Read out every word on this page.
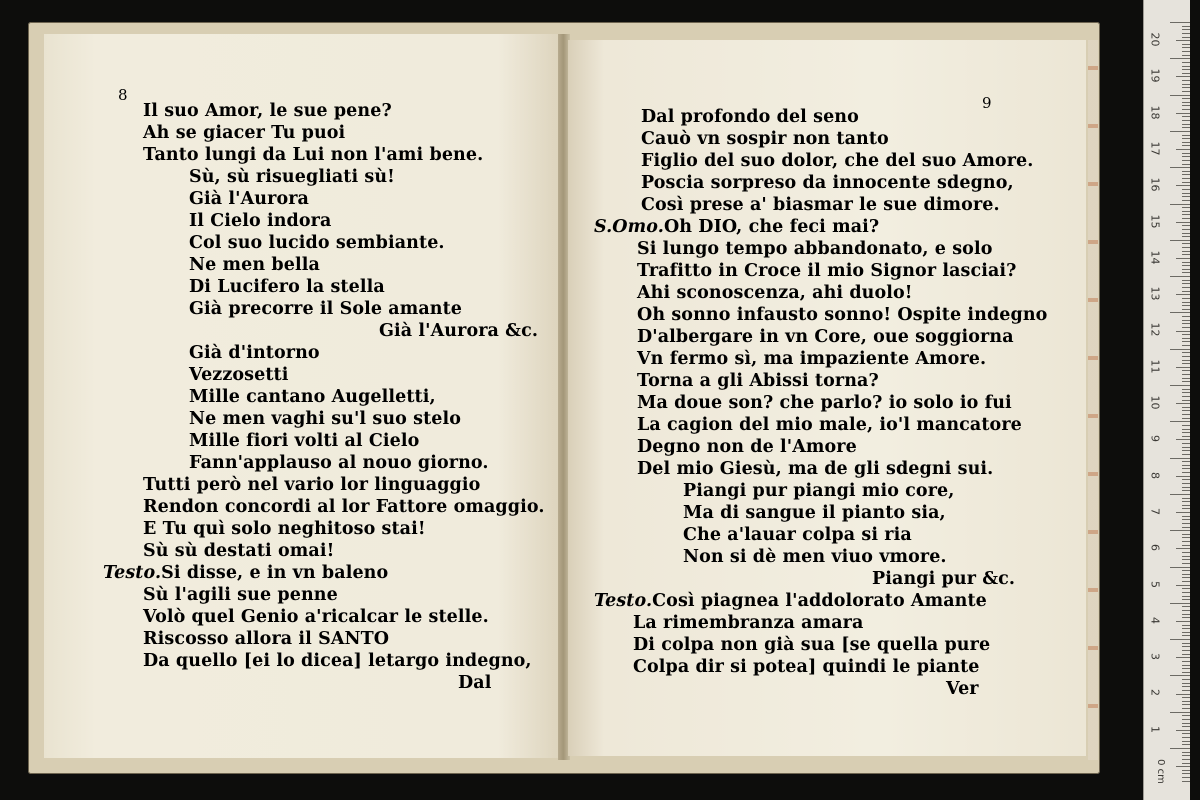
8
Il suo Amor, le sue pene?
Ah se giacer Tu puoi
Tanto lungi da Lui non l'ami bene.
Sù, sù risuegliati sù!
Già l'Aurora
Il Cielo indora
Col suo lucido sembiante.
Ne men bella
Di Lucifero la stella
Già precorre il Sole amante
Già l'Aurora &c.
Già d'intorno
Vezzosetti
Mille cantano Augelletti,
Ne men vaghi su'l suo stelo
Mille fiori volti al Cielo
Fann'applauso al nouo giorno.
Tutti però nel vario lor linguaggio
Rendon concordi al lor Fattore omaggio.
E Tu quì solo neghitoso stai!
Sù sù destati omai!
Testo.Si disse, e in vn baleno
Sù l'agili sue penne
Volò quel Genio a'ricalcar le stelle.
Riscosso allora il SANTO
Da quello [ei lo dicea] letargo indegno,
Dal
9
Dal profondo del seno
Cauò vn sospir non tanto
Figlio del suo dolor, che del suo Amore.
Poscia sorpreso da innocente sdegno,
Così prese a' biasmar le sue dimore.
S.Omo.Oh DIO, che feci mai?
Si lungo tempo abbandonato, e solo
Trafitto in Croce il mio Signor lasciai?
Ahi sconoscenza, ahi duolo!
Oh sonno infausto sonno! Ospite indegno
D'albergare in vn Core, oue soggiorna
Vn fermo sì, ma impaziente Amore.
Torna a gli Abissi torna?
Ma doue son? che parlo? io solo io fui
La cagion del mio male, io'l mancatore
Degno non de l'Amore
Del mio Giesù, ma de gli sdegni sui.
Piangi pur piangi mio core,
Ma di sangue il pianto sia,
Che a'lauar colpa si ria
Non si dè men viuo vmore.
Piangi pur &c.
Testo.Così piagnea l'addolorato Amante
La rimembranza amara
Di colpa non già sua [se quella pure
Colpa dir si potea] quindi le piante
Ver
20
19
18
17
16
15
14
13
12
11
10
9
8
7
6
5
4
3
2
1
0 cm
